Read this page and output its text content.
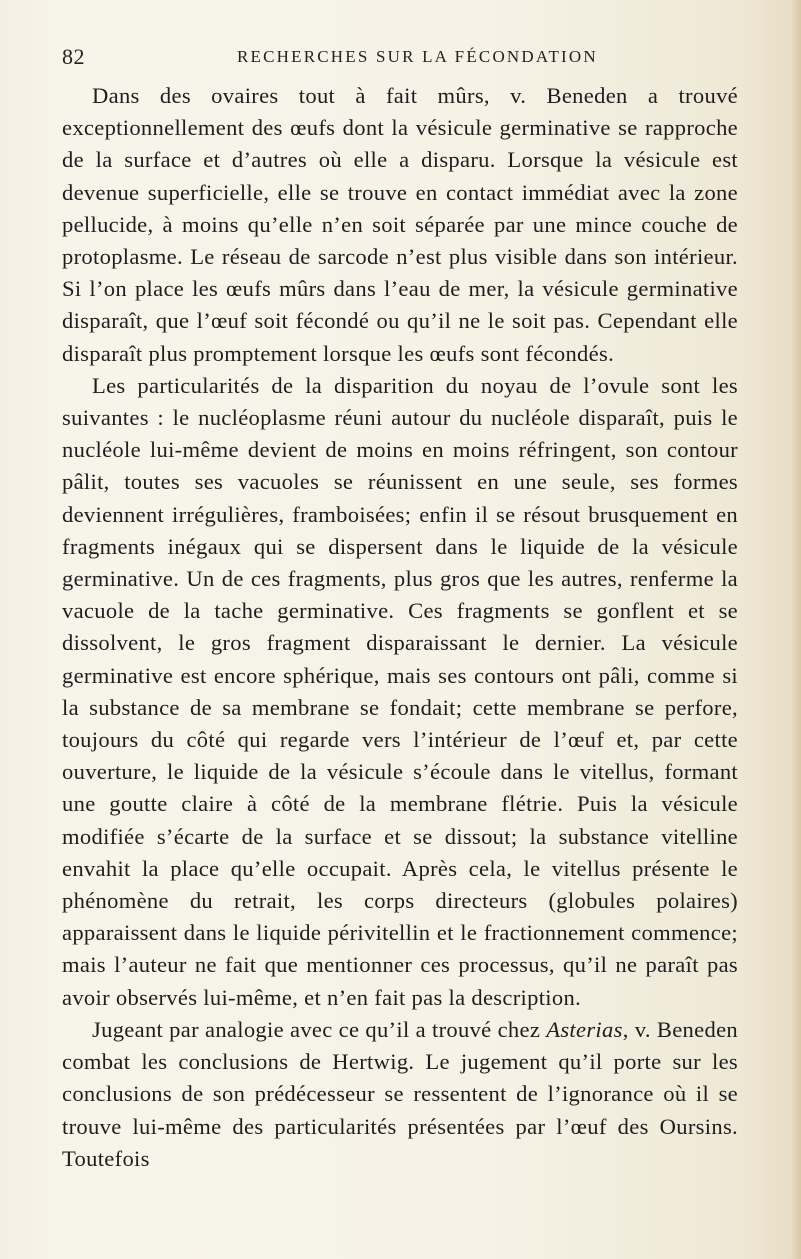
82	RECHERCHES SUR LA FÉCONDATION

Dans des ovaires tout à fait mûrs, v. Beneden a trouvé exceptionnellement des œufs dont la vésicule germinative se rapproche de la surface et d’autres où elle a disparu. Lorsque la vésicule est devenue superficielle, elle se trouve en contact immédiat avec la zone pellucide, à moins qu’elle n’en soit séparée par une mince couche de protoplasme. Le réseau de sarcode n’est plus visible dans son intérieur. Si l’on place les œufs mûrs dans l’eau de mer, la vésicule germinative disparaît, que l’œuf soit fécondé ou qu’il ne le soit pas. Cependant elle disparaît plus promptement lorsque les œufs sont fécondés.

Les particularités de la disparition du noyau de l’ovule sont les suivantes : le nucléoplasme réuni autour du nucléole disparaît, puis le nucléole lui-même devient de moins en moins réfringent, son contour pâlit, toutes ses vacuoles se réunissent en une seule, ses formes deviennent irrégulières, framboisées; enfin il se résout brusquement en fragments inégaux qui se dispersent dans le liquide de la vésicule germinative. Un de ces fragments, plus gros que les autres, renferme la vacuole de la tache germinative. Ces fragments se gonflent et se dissolvent, le gros fragment disparaissant le dernier. La vésicule germinative est encore sphérique, mais ses contours ont pâli, comme si la substance de sa membrane se fondait; cette membrane se perfore, toujours du côté qui regarde vers l’intérieur de l’œuf et, par cette ouverture, le liquide de la vésicule s’écoule dans le vitellus, formant une goutte claire à côté de la membrane flétrie. Puis la vésicule modifiée s’écarte de la surface et se dissout; la substance vitelline envahit la place qu’elle occupait. Après cela, le vitellus présente le phénomène du retrait, les corps directeurs (globules polaires) apparaissent dans le liquide périvitellin et le fractionnement commence; mais l’auteur ne fait que mentionner ces processus, qu’il ne paraît pas avoir observés lui-même, et n’en fait pas la description.

Jugeant par analogie avec ce qu’il a trouvé chez Asterias, v. Beneden combat les conclusions de Hertwig. Le jugement qu’il porte sur les conclusions de son prédécesseur se ressentent de l’ignorance où il se trouve lui-même des particularités présentées par l’œuf des Oursins. Toutefois
